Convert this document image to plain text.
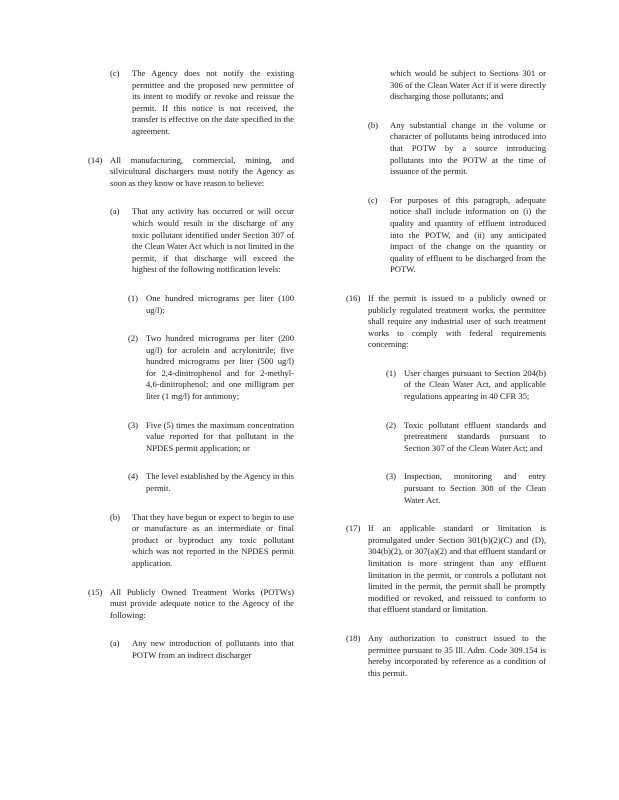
(c) The Agency does not notify the existing permittee and the proposed new permittee of its intent to modify or revoke and reissue the permit. If this notice is not received, the transfer is effective on the date specified in the agreement.
(14) All manufacturing, commercial, mining, and silvicultural dischargers must notify the Agency as soon as they know or have reason to believe:
(a) That any activity has occurred or will occur which would result in the discharge of any toxic pollutant identified under Section 307 of the Clean Water Act which is not limited in the permit, if that discharge will exceed the highest of the following notification levels:
(1) One hundred micrograms per liter (100 ug/l);
(2) Two hundred micrograms per liter (200 ug/l) for acrolein and acrylonitrile; five hundred micrograms per liter (500 ug/l) for 2,4-dinitrophenol and for 2-methyl-4,6-dinitrophenol; and one milligram per liter (1 mg/l) for antimony;
(3) Five (5) times the maximum concentration value reported for that pollutant in the NPDES permit application; or
(4) The level established by the Agency in this permit.
(b) That they have begun or expect to begin to use or manufacture as an intermediate or final product or byproduct any toxic pollutant which was not reported in the NPDES permit application.
(15) All Publicly Owned Treatment Works (POTWs) must provide adequate notice to the Agency of the following:
(a) Any new introduction of pollutants into that POTW from an indirect discharger
which would be subject to Sections 301 or 306 of the Clean Water Act if it were directly discharging those pollutants; and
(b) Any substantial change in the volume or character of pollutants being introduced into that POTW by a source introducing pollutants into the POTW at the time of issuance of the permit.
(c) For purposes of this paragraph, adequate notice shall include information on (i) the quality and quantity of effluent introduced into the POTW, and (ii) any anticipated impact of the change on the quantity or quality of effluent to be discharged from the POTW.
(16) If the permit is issued to a publicly owned or publicly regulated treatment works, the permittee shall require any industrial user of such treatment works to comply with federal requirements concerning:
(1) User charges pursuant to Section 204(b) of the Clean Water Act, and applicable regulations appearing in 40 CFR 35;
(2) Toxic pollutant effluent standards and pretreatment standards pursuant to Section 307 of the Clean Water Act; and
(3) Inspection, monitoring and entry pursuant to Section 308 of the Clean Water Act.
(17) If an applicable standard or limitation is promulgated under Section 301(b)(2)(C) and (D), 304(b)(2), or 307(a)(2) and that effluent standard or limitation is more stringent than any effluent limitation in the permit, or controls a pollutant not limited in the permit, the permit shall be promptly modified or revoked, and reissued to conform to that effluent standard or limitation.
(18) Any authorization to construct issued to the permittee pursuant to 35 Ill. Adm. Code 309.154 is hereby incorporated by reference as a condition of this permit.
